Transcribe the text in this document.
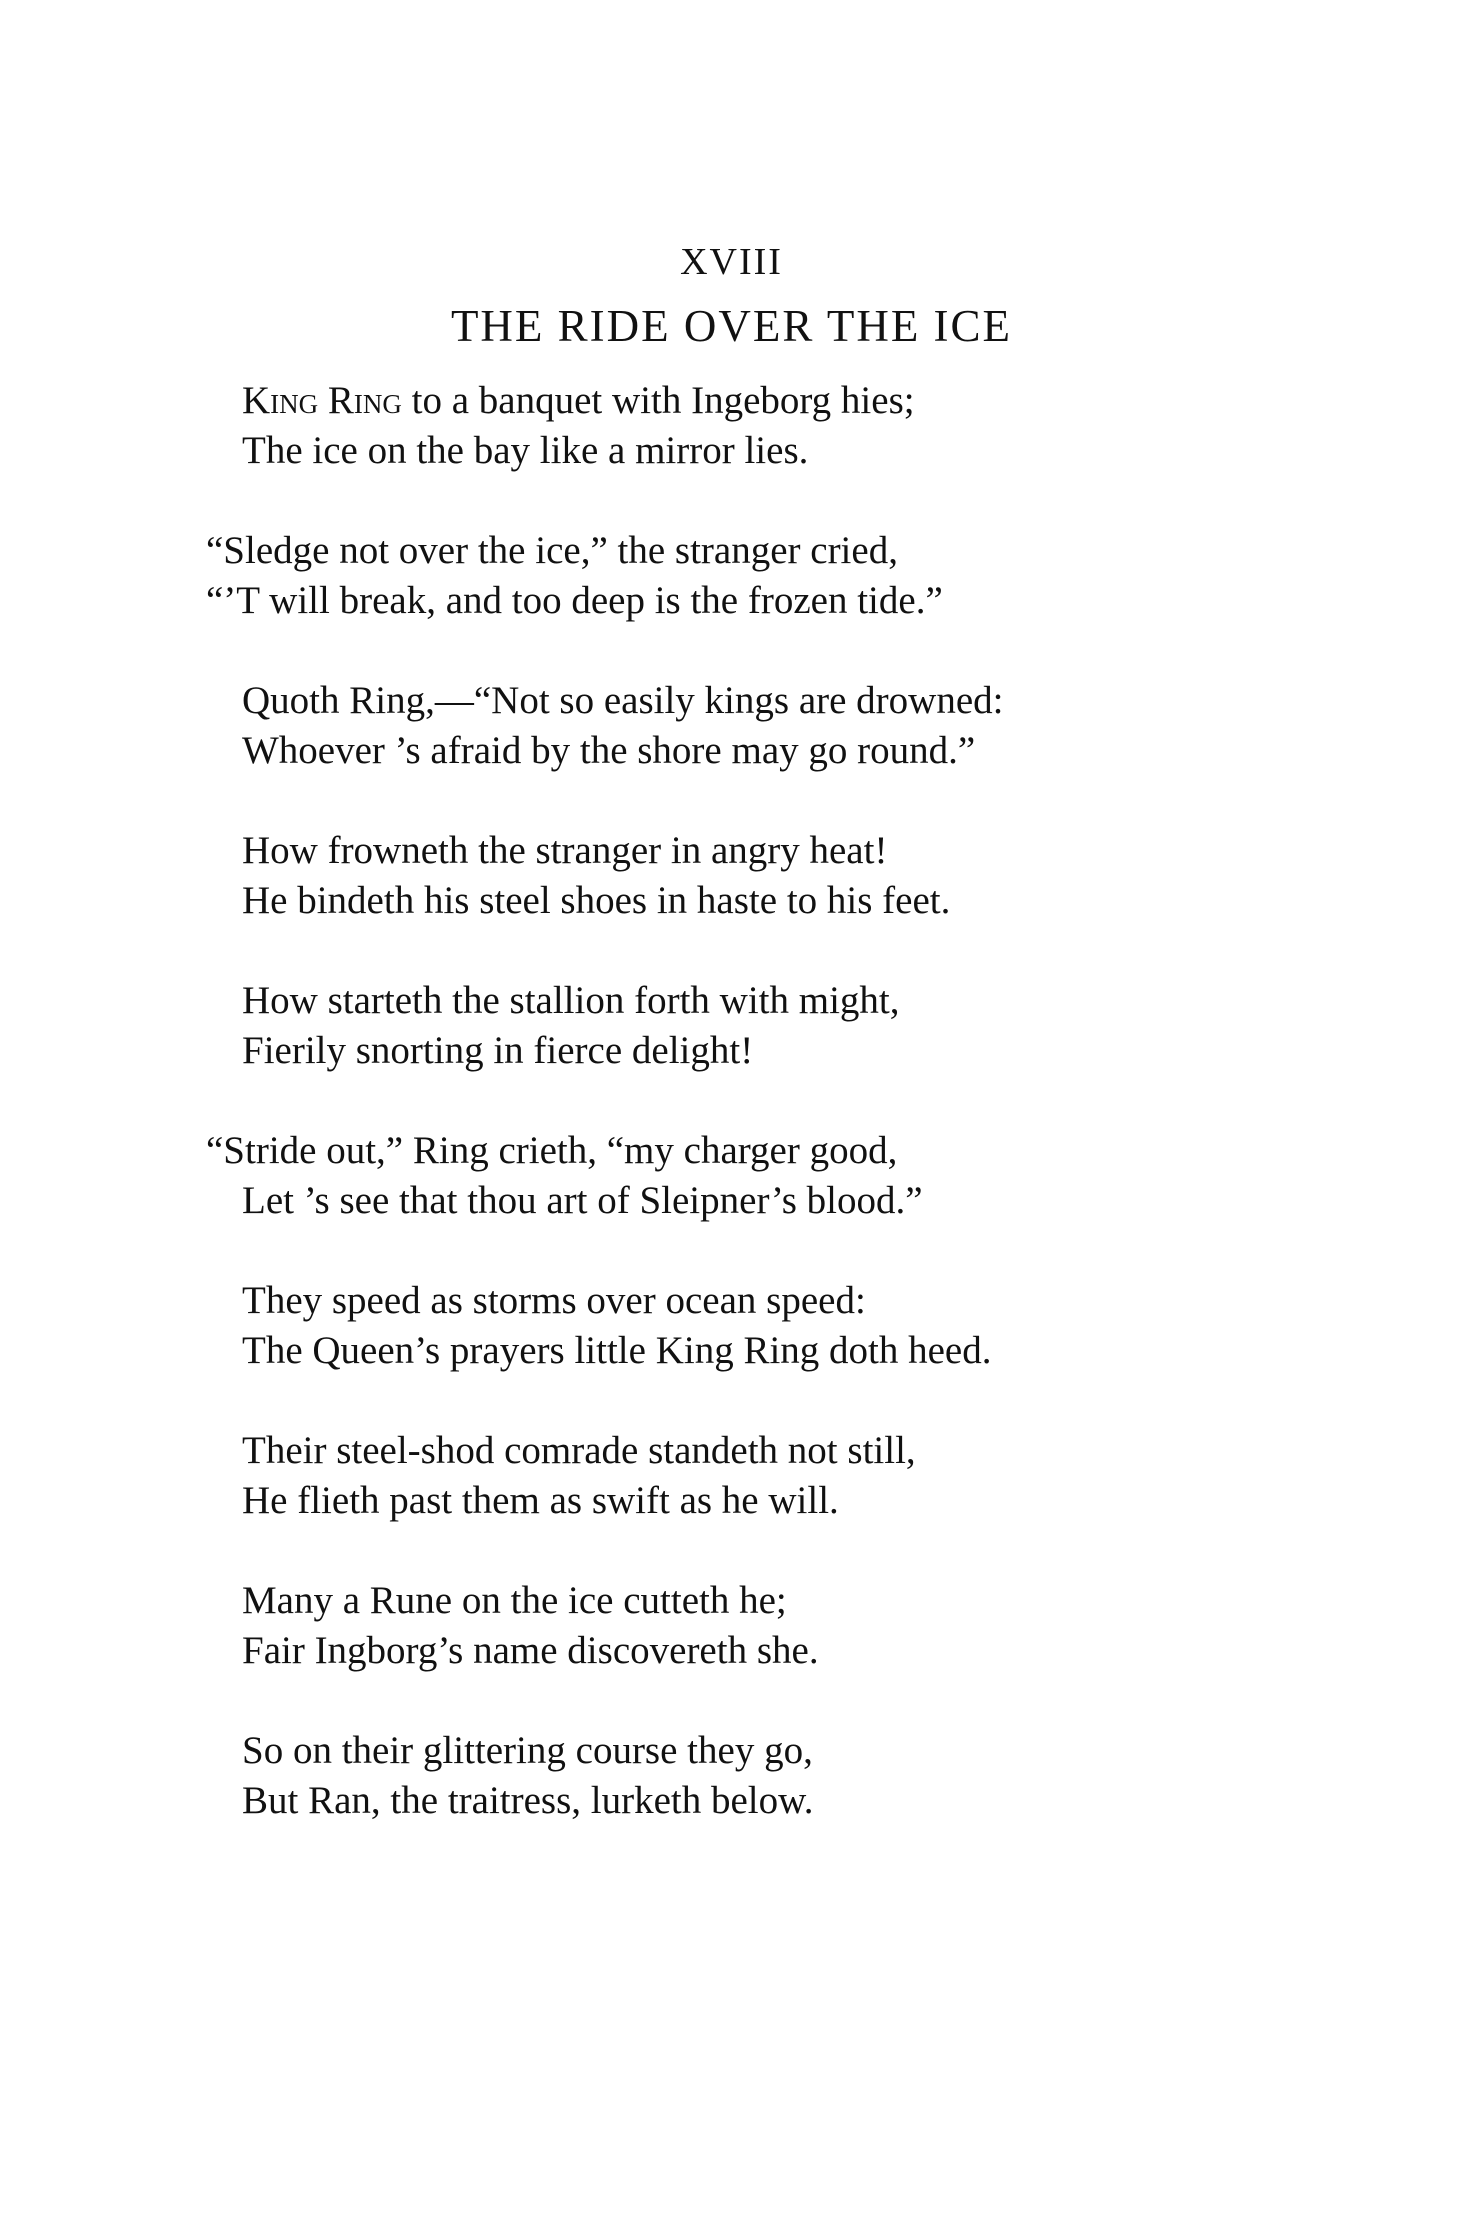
XVIII
THE RIDE OVER THE ICE
King Ring to a banquet with Ingeborg hies;
The ice on the bay like a mirror lies.
“Sledge not over the ice,” the stranger cried,
“’T will break, and too deep is the frozen tide.”
Quoth Ring,—“Not so easily kings are drowned:
Whoever ’s afraid by the shore may go round.”
How frowneth the stranger in angry heat!
He bindeth his steel shoes in haste to his feet.
How starteth the stallion forth with might,
Fierily snorting in fierce delight!
“Stride out,” Ring crieth, “my charger good,
Let ’s see that thou art of Sleipner’s blood.”
They speed as storms over ocean speed:
The Queen’s prayers little King Ring doth heed.
Their steel-shod comrade standeth not still,
He flieth past them as swift as he will.
Many a Rune on the ice cutteth he;
Fair Ingborg’s name discovereth she.
So on their glittering course they go,
But Ran, the traitress, lurketh below.
